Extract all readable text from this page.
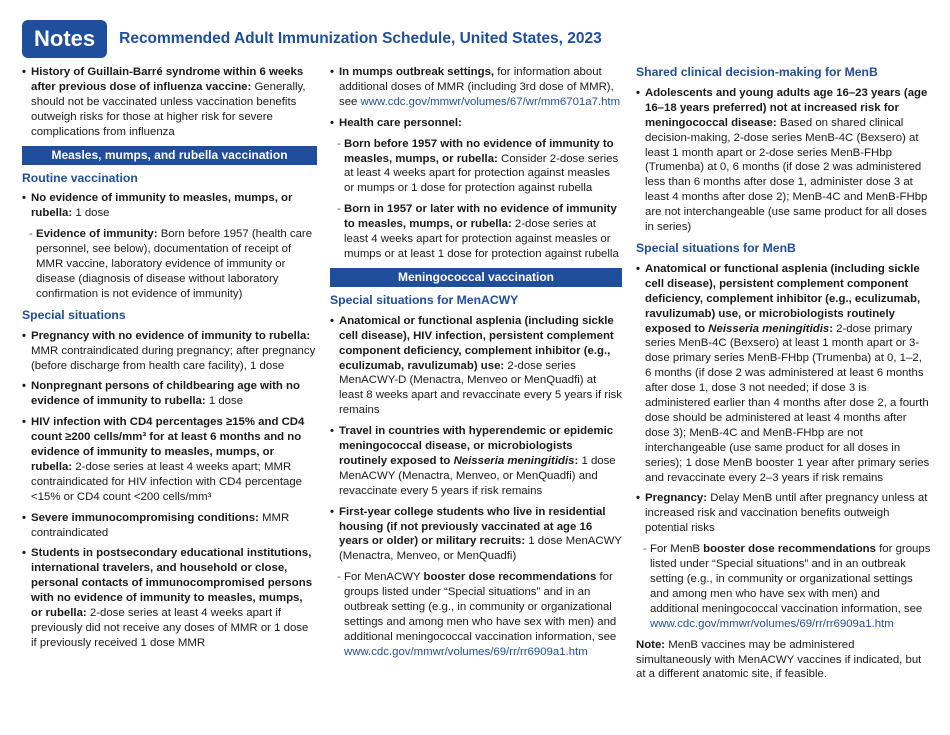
Notes	Recommended Adult Immunization Schedule, United States, 2023
• History of Guillain-Barré syndrome within 6 weeks after previous dose of influenza vaccine: Generally, should not be vaccinated unless vaccination benefits outweigh risks for those at higher risk for severe complications from influenza
Measles, mumps, and rubella vaccination
Routine vaccination
• No evidence of immunity to measles, mumps, or rubella: 1 dose
- Evidence of immunity: Born before 1957 (health care personnel, see below), documentation of receipt of MMR vaccine, laboratory evidence of immunity or disease (diagnosis of disease without laboratory confirmation is not evidence of immunity)
Special situations
• Pregnancy with no evidence of immunity to rubella: MMR contraindicated during pregnancy; after pregnancy (before discharge from health care facility), 1 dose
• Nonpregnant persons of childbearing age with no evidence of immunity to rubella: 1 dose
• HIV infection with CD4 percentages ≥15% and CD4 count ≥200 cells/mm³ for at least 6 months and no evidence of immunity to measles, mumps, or rubella: 2-dose series at least 4 weeks apart; MMR contraindicated for HIV infection with CD4 percentage <15% or CD4 count <200 cells/mm³
• Severe immunocompromising conditions: MMR contraindicated
• Students in postsecondary educational institutions, international travelers, and household or close, personal contacts of immunocompromised persons with no evidence of immunity to measles, mumps, or rubella: 2-dose series at least 4 weeks apart if previously did not receive any doses of MMR or 1 dose if previously received 1 dose MMR
• In mumps outbreak settings, for information about additional doses of MMR (including 3rd dose of MMR), see www.cdc.gov/mmwr/volumes/67/wr/mm6701a7.htm
• Health care personnel:
- Born before 1957 with no evidence of immunity to measles, mumps, or rubella: Consider 2-dose series at least 4 weeks apart for protection against measles or mumps or 1 dose for protection against rubella
- Born in 1957 or later with no evidence of immunity to measles, mumps, or rubella: 2-dose series at least 4 weeks apart for protection against measles or mumps or at least 1 dose for protection against rubella
Meningococcal vaccination
Special situations for MenACWY
• Anatomical or functional asplenia (including sickle cell disease), HIV infection, persistent complement component deficiency, complement inhibitor (e.g., eculizumab, ravulizumab) use: 2-dose series MenACWY-D (Menactra, Menveo or MenQuadfi) at least 8 weeks apart and revaccinate every 5 years if risk remains
• Travel in countries with hyperendemic or epidemic meningococcal disease, or microbiologists routinely exposed to Neisseria meningitidis: 1 dose MenACWY (Menactra, Menveo, or MenQuadfi) and revaccinate every 5 years if risk remains
• First-year college students who live in residential housing (if not previously vaccinated at age 16 years or older) or military recruits: 1 dose MenACWY (Menactra, Menveo, or MenQuadfi)
- For MenACWY booster dose recommendations for groups listed under “Special situations” and in an outbreak setting (e.g., in community or organizational settings and among men who have sex with men) and additional meningococcal vaccination information, see www.cdc.gov/mmwr/volumes/69/rr/rr6909a1.htm
Shared clinical decision-making for MenB
• Adolescents and young adults age 16–23 years (age 16–18 years preferred) not at increased risk for meningococcal disease: Based on shared clinical decision-making, 2-dose series MenB-4C (Bexsero) at least 1 month apart or 2-dose series MenB-FHbp (Trumenba) at 0, 6 months (if dose 2 was administered less than 6 months after dose 1, administer dose 3 at least 4 months after dose 2); MenB-4C and MenB-FHbp are not interchangeable (use same product for all doses in series)
Special situations for MenB
• Anatomical or functional asplenia (including sickle cell disease), persistent complement component deficiency, complement inhibitor (e.g., eculizumab, ravulizumab) use, or microbiologists routinely exposed to Neisseria meningitidis: 2-dose primary series MenB-4C (Bexsero) at least 1 month apart or 3-dose primary series MenB-FHbp (Trumenba) at 0, 1–2, 6 months (if dose 2 was administered at least 6 months after dose 1, dose 3 not needed; if dose 3 is administered earlier than 4 months after dose 2, a fourth dose should be administered at least 4 months after dose 3); MenB-4C and MenB-FHbp are not interchangeable (use same product for all doses in series); 1 dose MenB booster 1 year after primary series and revaccinate every 2–3 years if risk remains
• Pregnancy: Delay MenB until after pregnancy unless at increased risk and vaccination benefits outweigh potential risks
- For MenB booster dose recommendations for groups listed under “Special situations” and in an outbreak setting (e.g., in community or organizational settings and among men who have sex with men) and additional meningococcal vaccination information, see www.cdc.gov/mmwr/volumes/69/rr/rr6909a1.htm

Note: MenB vaccines may be administered simultaneously with MenACWY vaccines if indicated, but at a different anatomic site, if feasible.
